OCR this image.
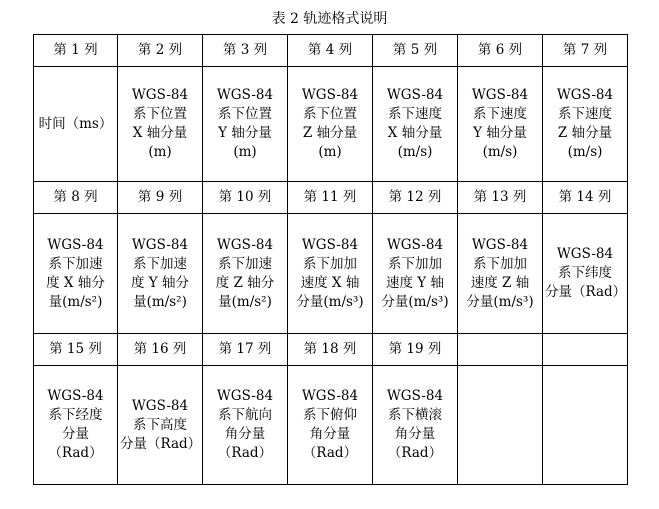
表 2 轨迹格式说明
第 1 列	第 2 列	第 3 列	第 4 列	第 5 列	第 6 列	第 7 列
时间（ms）	WGS-84
系下位置
X 轴分量
(m)	WGS-84
系下位置
Y 轴分量
(m)	WGS-84
系下位置
Z 轴分量
(m)	WGS-84
系下速度
X 轴分量
(m/s)	WGS-84
系下速度
Y 轴分量
(m/s)	WGS-84
系下速度
Z 轴分量
(m/s)
第 8 列	第 9 列	第 10 列	第 11 列	第 12 列	第 13 列	第 14 列
WGS-84
系下加速
度 X 轴分
量(m/s²)	WGS-84
系下加速
度 Y 轴分
量(m/s²)	WGS-84
系下加速
度 Z 轴分
量(m/s²)	WGS-84
系下加加
速度 X 轴
分量(m/s³)	WGS-84
系下加加
速度 Y 轴
分量(m/s³)	WGS-84
系下加加
速度 Z 轴
分量(m/s³)	WGS-84
系下纬度
分量（Rad）
第 15 列	第 16 列	第 17 列	第 18 列	第 19 列		
WGS-84
系下经度
分量
（Rad）	WGS-84
系下高度
分量（Rad）	WGS-84
系下航向
角分量
（Rad）	WGS-84
系下俯仰
角分量
（Rad）	WGS-84
系下横滚
角分量
（Rad）		
